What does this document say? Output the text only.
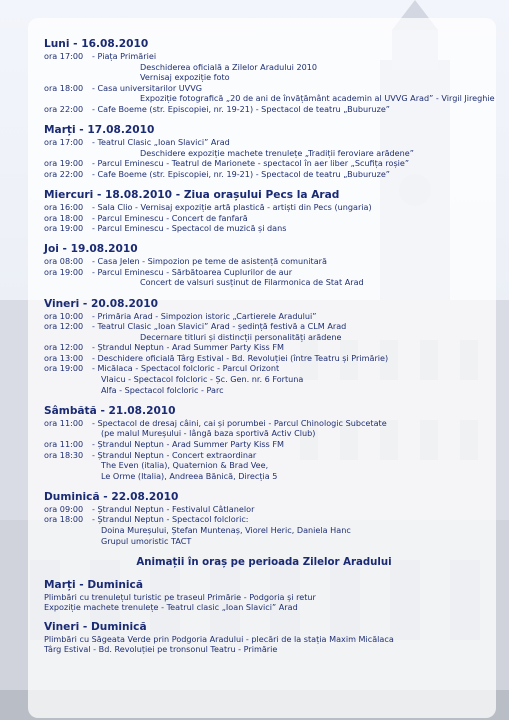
Luni - 16.08.2010
ora 17:00 - Piața Primăriei
Deschiderea oficială a Zilelor Aradului 2010
Vernisaj expoziție foto
ora 18:00 - Casa universitarilor UVVG
Expoziție fotografică „20 de ani de învățământ academin al UVVG Arad” - Virgil Jireghie
ora 22:00 - Cafe Boeme (str. Episcopiei, nr. 19-21) - Spectacol de teatru „Buburuze”
Marți - 17.08.2010
ora 17:00 - Teatrul Clasic „Ioan Slavici” Arad
Deschidere expoziție machete trenulețe „Tradiții feroviare arădene”
ora 19:00 - Parcul Eminescu - Teatrul de Marionete - spectacol în aer liber „Scufița roșie”
ora 22:00 - Cafe Boeme (str. Episcopiei, nr. 19-21) - Spectacol de teatru „Buburuze”
Miercuri - 18.08.2010 - Ziua orașului Pecs la Arad
ora 16:00 - Sala Clio - Vernisaj expoziție artă plastică - artiști din Pecs (ungaria)
ora 18:00 - Parcul Eminescu - Concert de fanfară
ora 19:00 - Parcul Eminescu - Spectacol de muzică și dans
Joi - 19.08.2010
ora 08:00 - Casa Jelen - Simpozion pe teme de asistență comunitară
ora 19:00 - Parcul Eminescu - Sărbătoarea Cuplurilor de aur
Concert de valsuri susținut de Filarmonica de Stat Arad
Vineri - 20.08.2010
ora 10:00 - Primăria Arad - Simpozion istoric „Cartierele Aradului”
ora 12:00 - Teatrul Clasic „Ioan Slavici” Arad - ședință festivă a CLM Arad
Decernare titluri și distincții personalități arădene
ora 12:00 - Ștrandul Neptun - Arad Summer Party Kiss FM
ora 13:00 - Deschidere oficială Târg Estival - Bd. Revoluției (între Teatru și Primărie)
ora 19:00 - Micălaca - Spectacol folcloric - Parcul Orizont
Vlaicu - Spectacol folcloric - Șc. Gen. nr. 6 Fortuna
Alfa - Spectacol folcloric - Parc
Sâmbătă - 21.08.2010
ora 11:00 - Spectacol de dresaj câini, cai și porumbei - Parcul Chinologic Subcetate
(pe malul Mureșului - lângă baza sportivă Activ Club)
ora 11:00 - Ștrandul Neptun - Arad Summer Party Kiss FM
ora 18:30 - Ștrandul Neptun - Concert extraordinar
The Even (italia), Quaternion & Brad Vee,
Le Orme (Italia), Andreea Bănică, Direcția 5
Duminică - 22.08.2010
ora 09:00 - Ștrandul Neptun - Festivalul Câtlanelor
ora 18:00 - Ștrandul Neptun - Spectacol folcloric:
Doina Mureșului, Ștefan Muntenaș, Viorel Heric, Daniela Hanc
Grupul umoristic TACT
Animații în oraș pe perioada Zilelor Aradului
Marți - Duminică
Plimbări cu trenulețul turistic pe traseul Primărie - Podgoria și retur
Expoziție machete trenulețe - Teatrul clasic „Ioan Slavici” Arad
Vineri - Duminică
Plimbări cu Săgeata Verde prin Podgoria Aradului - plecări de la stația Maxim Micălaca
Târg Estival - Bd. Revoluției pe tronsonul Teatru - Primărie
